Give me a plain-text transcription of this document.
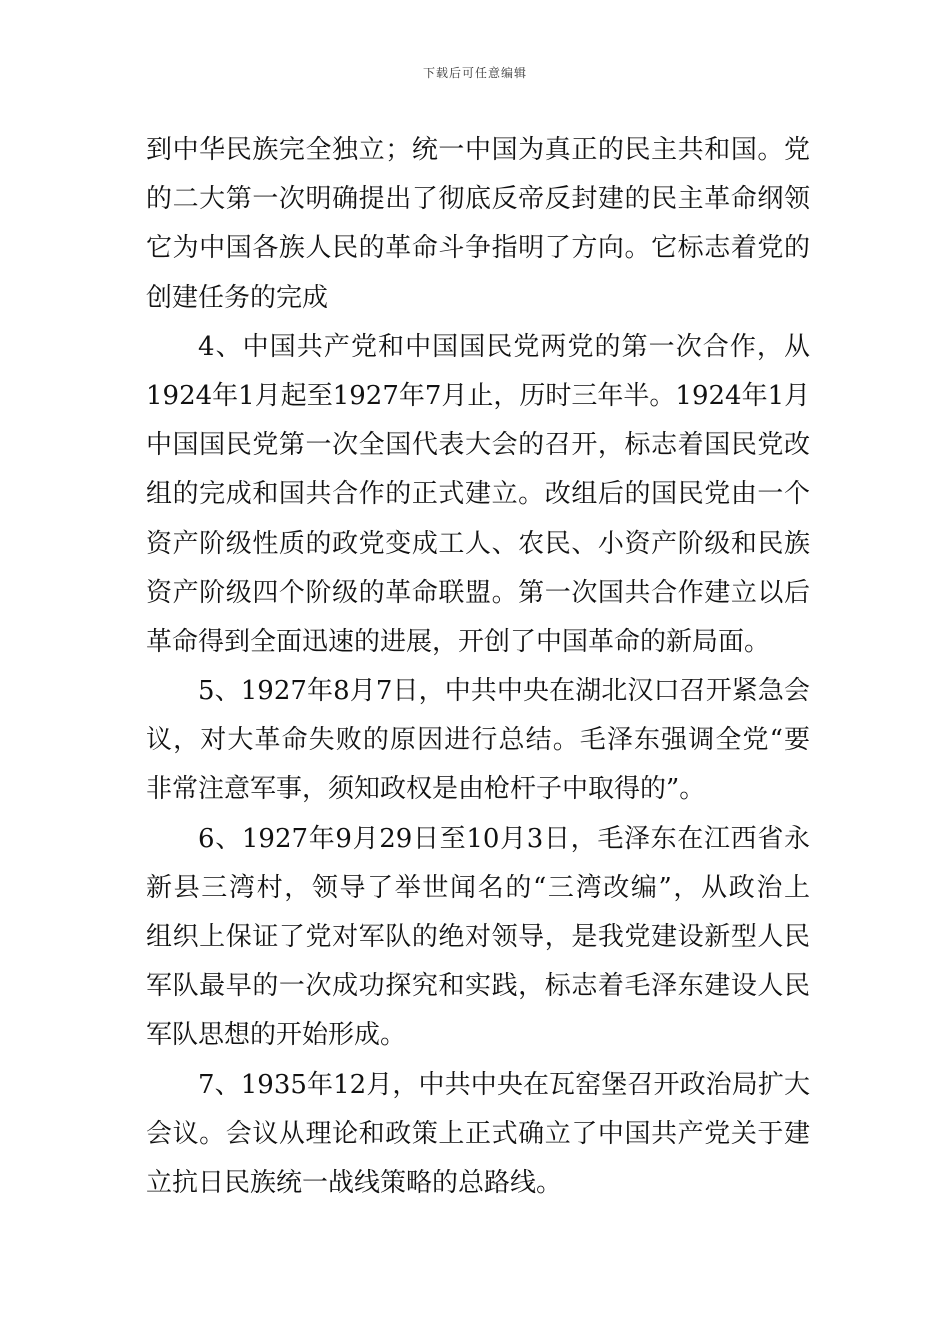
下载后可任意编辑
到中华民族完全独立；统一中国为真正的民主共和国。党
的二大第一次明确提出了彻底反帝反封建的民主革命纲领
它为中国各族人民的革命斗争指明了方向。它标志着党的
创建任务的完成
4、中国共产党和中国国民党两党的第一次合作，从
1924年1月起至1927年7月止，历时三年半。1924年1月
中国国民党第一次全国代表大会的召开，标志着国民党改
组的完成和国共合作的正式建立。改组后的国民党由一个
资产阶级性质的政党变成工人、农民、小资产阶级和民族
资产阶级四个阶级的革命联盟。第一次国共合作建立以后
革命得到全面迅速的进展，开创了中国革命的新局面。
5、1927年8月7日，中共中央在湖北汉口召开紧急会
议，对大革命失败的原因进行总结。毛泽东强调全党“要
非常注意军事，须知政权是由枪杆子中取得的”。
6、1927年9月29日至10月3日，毛泽东在江西省永
新县三湾村，领导了举世闻名的“三湾改编”，从政治上
组织上保证了党对军队的绝对领导，是我党建设新型人民
军队最早的一次成功探究和实践，标志着毛泽东建设人民
军队思想的开始形成。
7、1935年12月，中共中央在瓦窑堡召开政治局扩大
会议。会议从理论和政策上正式确立了中国共产党关于建
立抗日民族统一战线策略的总路线。
